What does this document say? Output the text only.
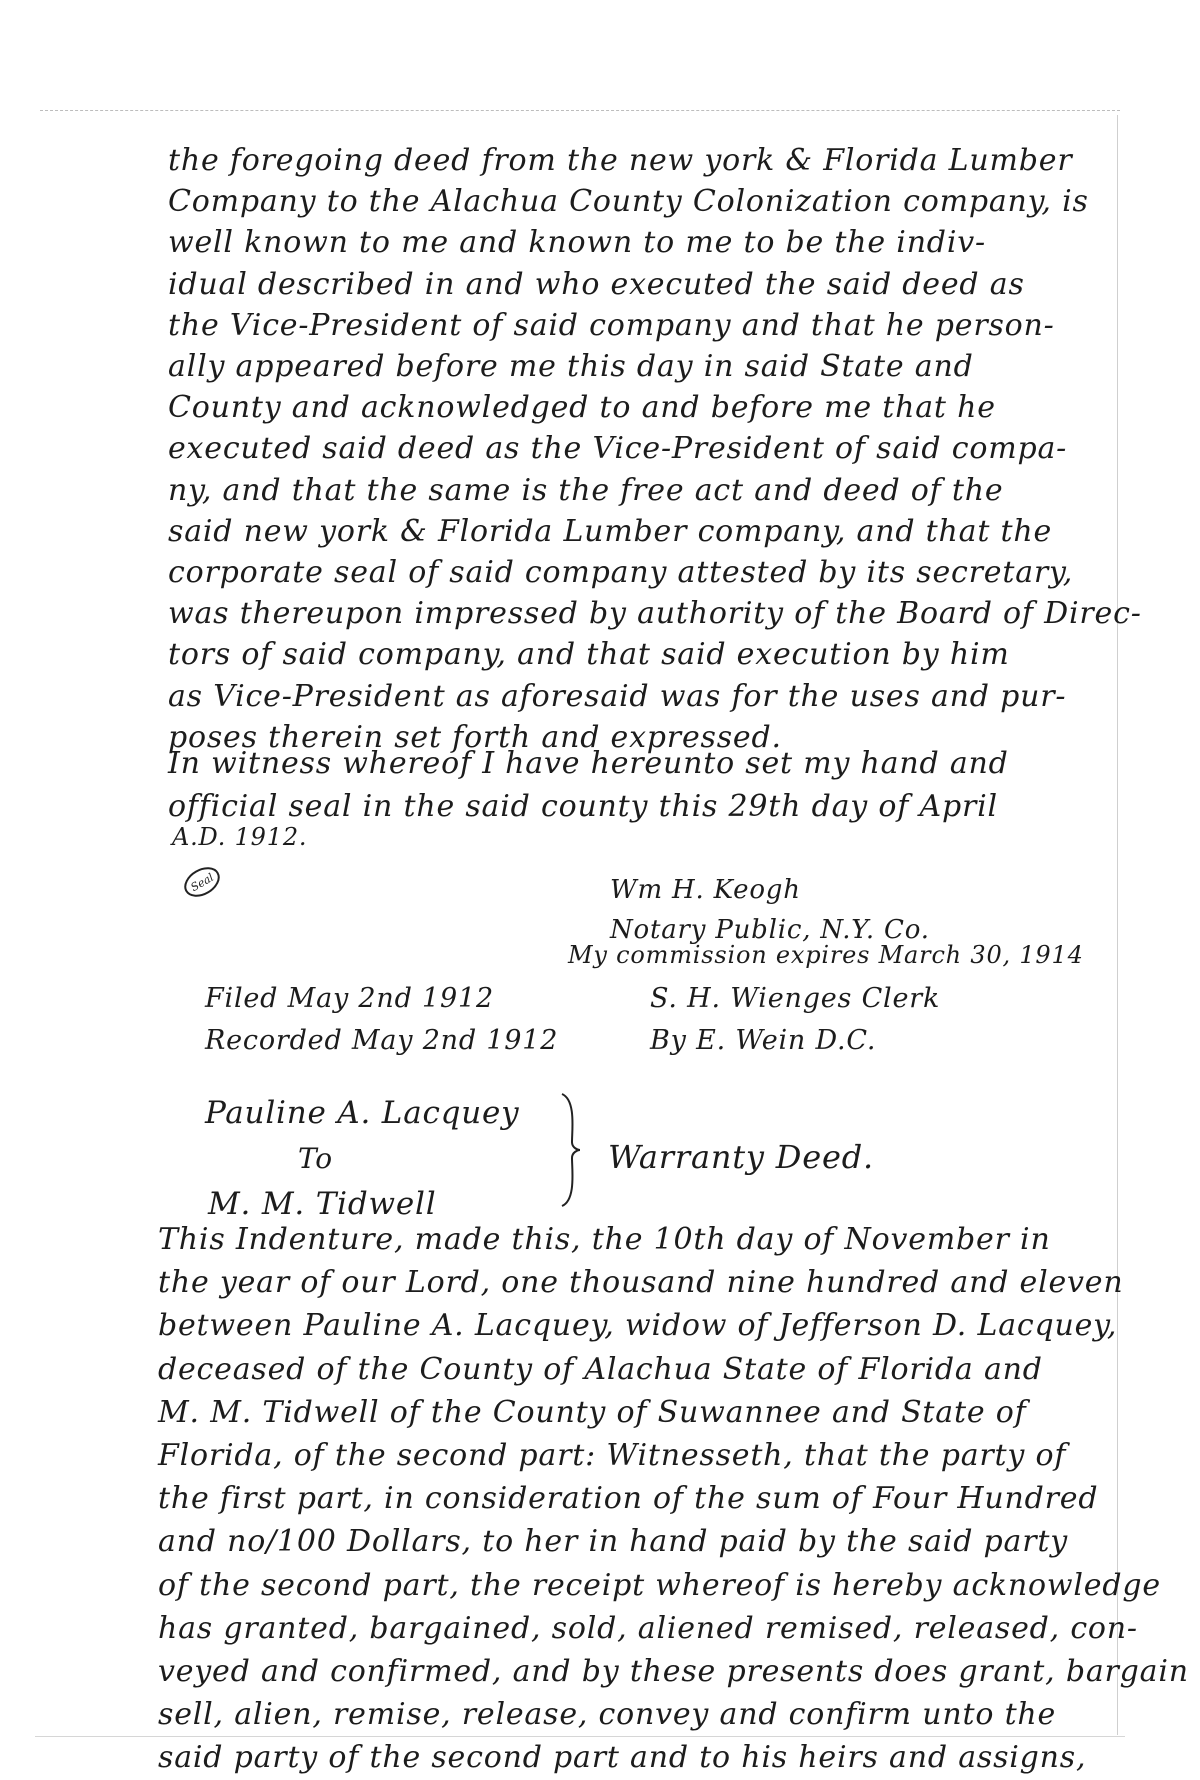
the foregoing deed from the new york & Florida Lumber
Company to the Alachua County Colonization company, is
well known to me and known to me to be the indiv-
idual described in and who executed the said deed as
the Vice-President of said company and that he person-
ally appeared before me this day in said State and
County and acknowledged to and before me that he
executed said deed as the Vice-President of said compa-
ny, and that the same is the free act and deed of the
said new york & Florida Lumber company, and that the
corporate seal of said company attested by its secretary,
was thereupon impressed by authority of the Board of Direc-
tors of said company, and that said execution by him
as Vice-President as aforesaid was for the uses and pur-
poses therein set forth and expressed.
In witness whereof I have hereunto set my hand and
official seal in the said county this 29th day of April
A.D. 1912.
Seal	Wm H. Keogh
Notary Public, N.Y. Co.
My commission expires March 30, 1914
Filed May 2nd 1912
Recorded May 2nd 1912
S. H. Wienges Clerk
By E. Wein D.C.
Pauline A. Lacquey
To
M. M. Tidwell
Warranty Deed.
This Indenture, made this, the 10th day of November in
the year of our Lord, one thousand nine hundred and eleven
between Pauline A. Lacquey, widow of Jefferson D. Lacquey,
deceased of the County of Alachua State of Florida and
M. M. Tidwell of the County of Suwannee and State of
Florida, of the second part: Witnesseth, that the party of
the first part, in consideration of the sum of Four Hundred
and no/100 Dollars, to her in hand paid by the said party
of the second part, the receipt whereof is hereby acknowledge
has granted, bargained, sold, aliened remised, released, con-
veyed and confirmed, and by these presents does grant, bargain
sell, alien, remise, release, convey and confirm unto the
said party of the second part and to his heirs and assigns,
